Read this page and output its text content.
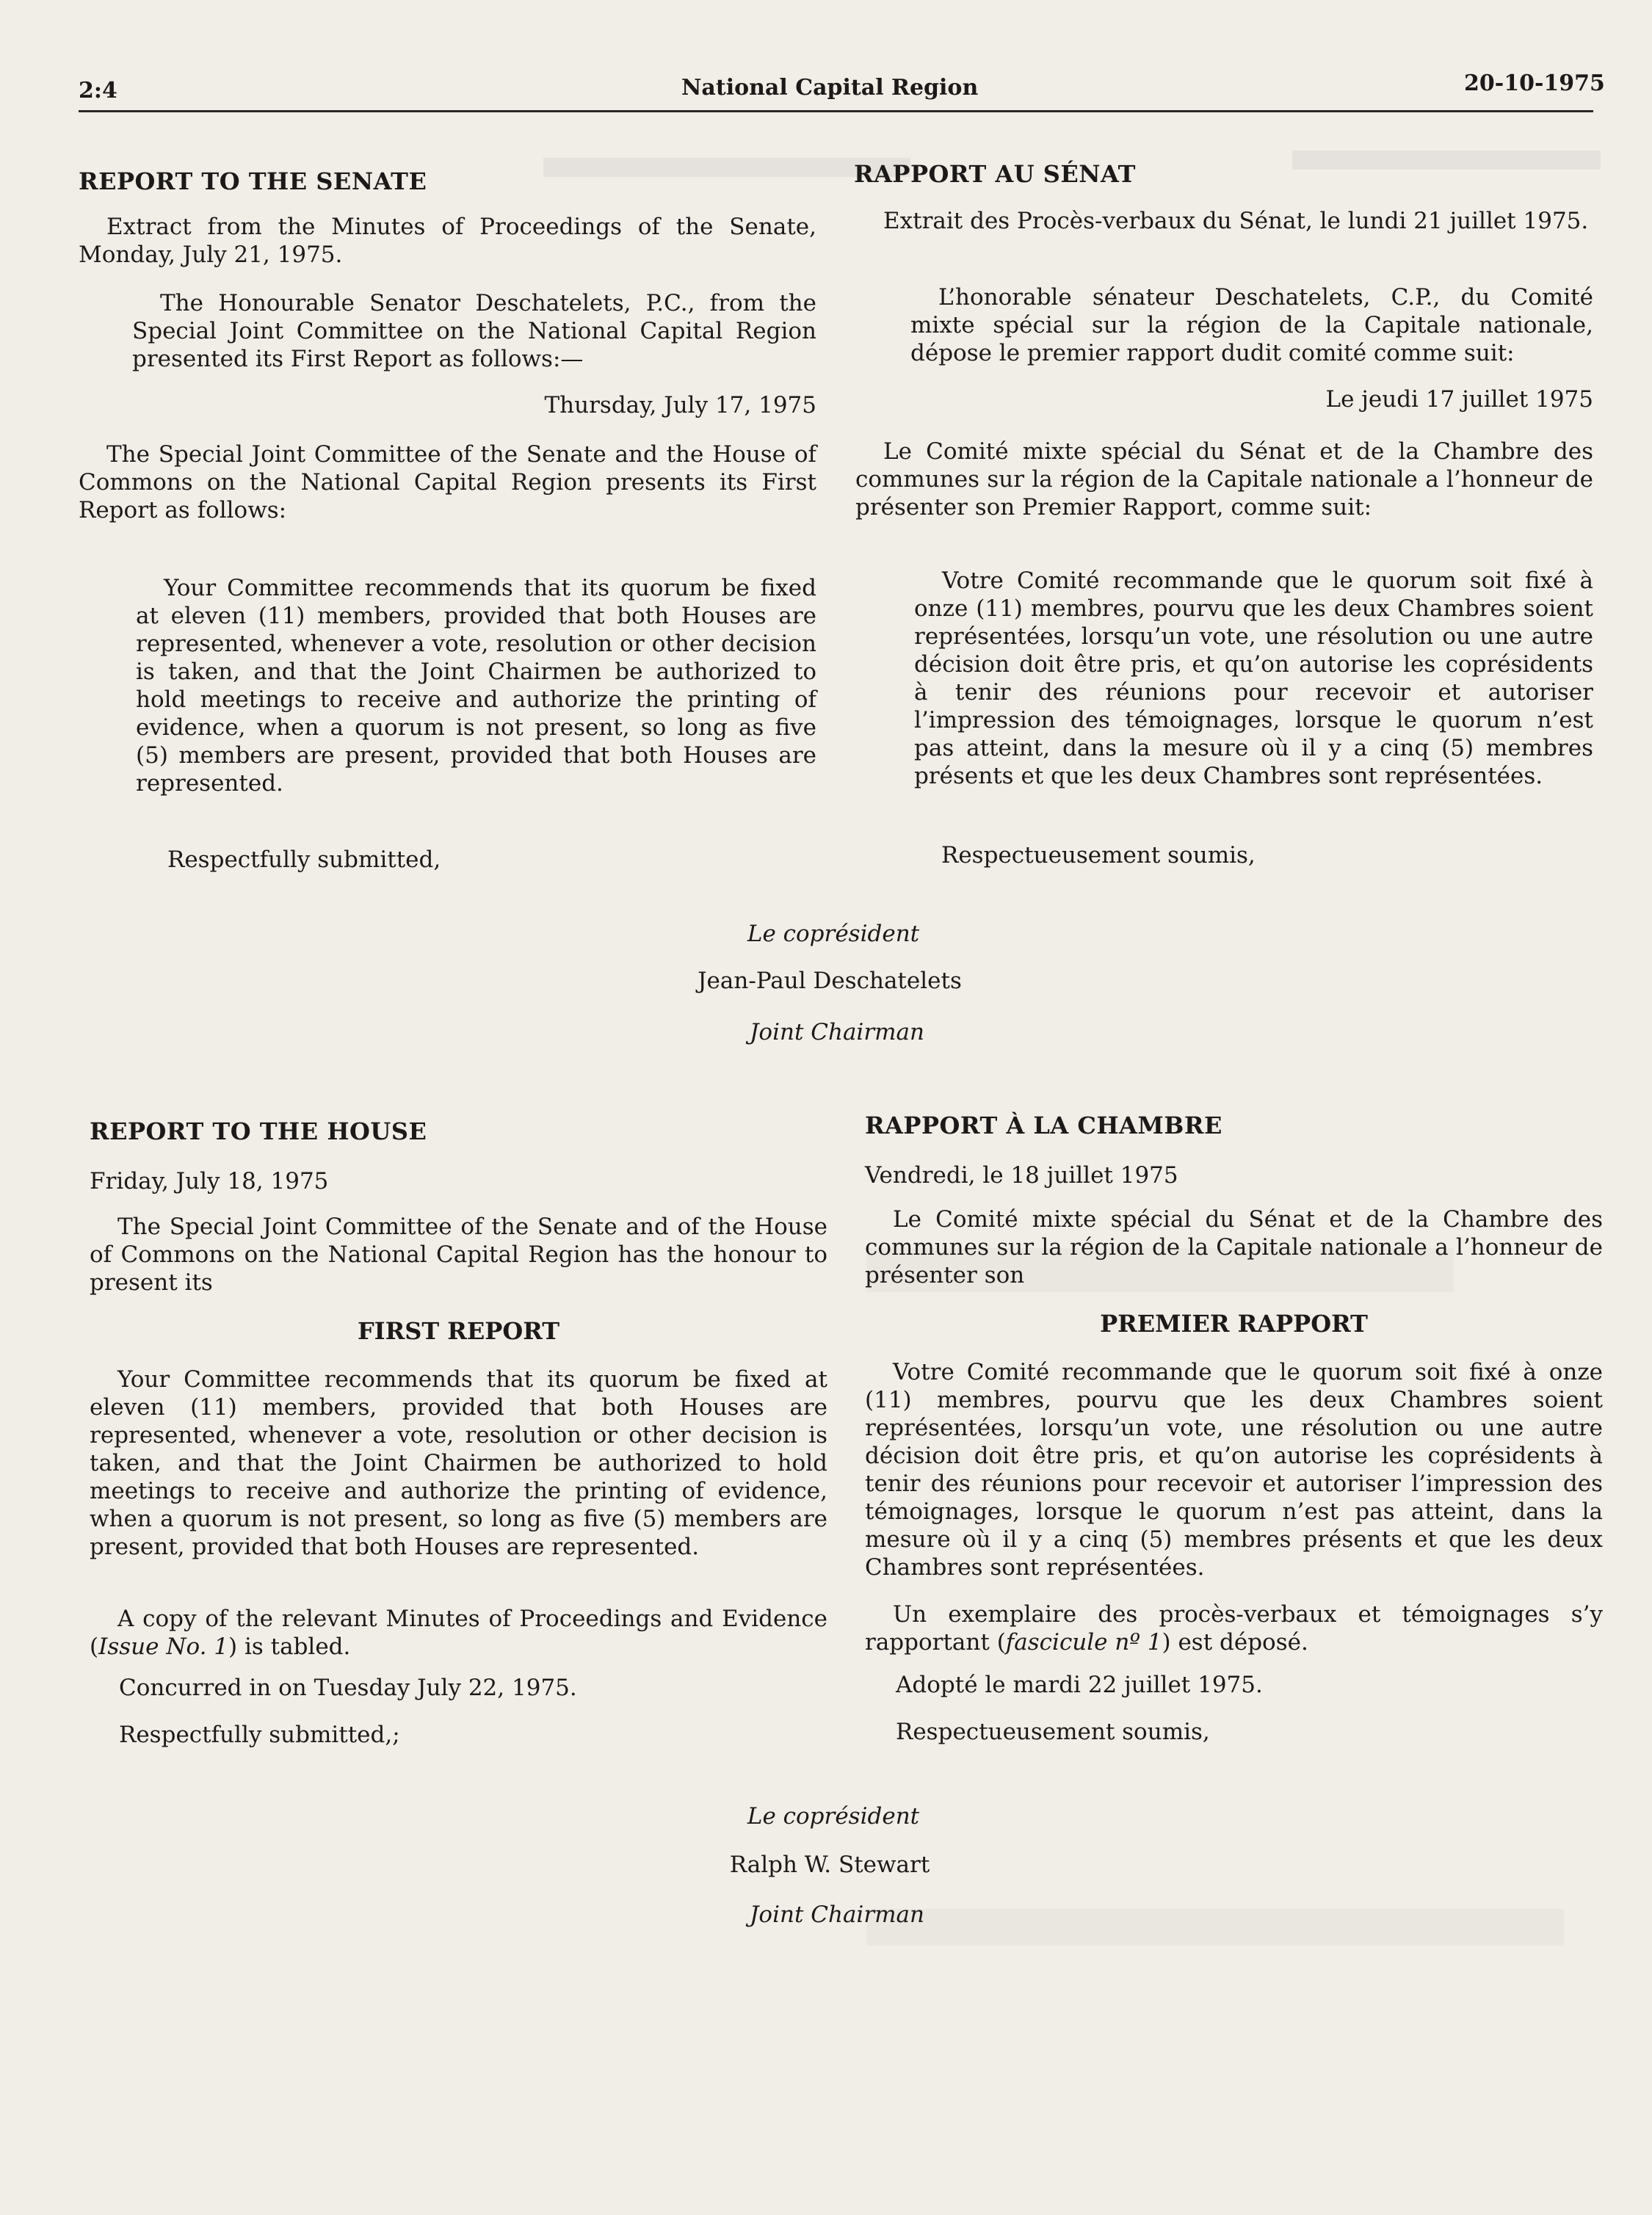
2:4	National Capital Region	20-10-1975
REPORT TO THE SENATE
Extract from the Minutes of Proceedings of the Senate, Monday, July 21, 1975.
The Honourable Senator Deschatelets, P.C., from the Special Joint Committee on the National Capital Region presented its First Report as follows:—
Thursday, July 17, 1975
The Special Joint Committee of the Senate and the House of Commons on the National Capital Region presents its First Report as follows:
Your Committee recommends that its quorum be fixed at eleven (11) members, provided that both Houses are represented, whenever a vote, resolution or other decision is taken, and that the Joint Chairmen be authorized to hold meetings to receive and authorize the printing of evidence, when a quorum is not present, so long as five (5) members are present, provided that both Houses are represented.
Respectfully submitted,
RAPPORT AU SÉNAT
Extrait des Procès-verbaux du Sénat, le lundi 21 juillet 1975.
L’honorable sénateur Deschatelets, C.P., du Comité mixte spécial sur la région de la Capitale nationale, dépose le premier rapport dudit comité comme suit:
Le jeudi 17 juillet 1975
Le Comité mixte spécial du Sénat et de la Chambre des communes sur la région de la Capitale nationale a l’honneur de présenter son Premier Rapport, comme suit:
Votre Comité recommande que le quorum soit fixé à onze (11) membres, pourvu que les deux Chambres soient représentées, lorsqu’un vote, une résolution ou une autre décision doit être pris, et qu’on autorise les coprésidents à tenir des réunions pour recevoir et autoriser l’impression des témoignages, lorsque le quorum n’est pas atteint, dans la mesure où il y a cinq (5) membres présents et que les deux Chambres sont représentées.
Respectueusement soumis,
Le coprésident
Jean-Paul Deschatelets
Joint Chairman
REPORT TO THE HOUSE
Friday, July 18, 1975
The Special Joint Committee of the Senate and of the House of Commons on the National Capital Region has the honour to present its
FIRST REPORT
Your Committee recommends that its quorum be fixed at eleven (11) members, provided that both Houses are represented, whenever a vote, resolution or other decision is taken, and that the Joint Chairmen be authorized to hold meetings to receive and authorize the printing of evidence, when a quorum is not present, so long as five (5) members are present, provided that both Houses are represented.
A copy of the relevant Minutes of Proceedings and Evidence (Issue No. 1) is tabled.
Concurred in on Tuesday July 22, 1975.
Respectfully submitted,;
RAPPORT À LA CHAMBRE
Vendredi, le 18 juillet 1975
Le Comité mixte spécial du Sénat et de la Chambre des communes sur la région de la Capitale nationale a l’honneur de présenter son
PREMIER RAPPORT
Votre Comité recommande que le quorum soit fixé à onze (11) membres, pourvu que les deux Chambres soient représentées, lorsqu’un vote, une résolution ou une autre décision doit être pris, et qu’on autorise les coprésidents à tenir des réunions pour recevoir et autoriser l’impression des témoignages, lorsque le quorum n’est pas atteint, dans la mesure où il y a cinq (5) membres présents et que les deux Chambres sont représentées.
Un exemplaire des procès-verbaux et témoignages s’y rapportant (fascicule nº 1) est déposé.
Adopté le mardi 22 juillet 1975.
Respectueusement soumis,
Le coprésident
Ralph W. Stewart
Joint Chairman
